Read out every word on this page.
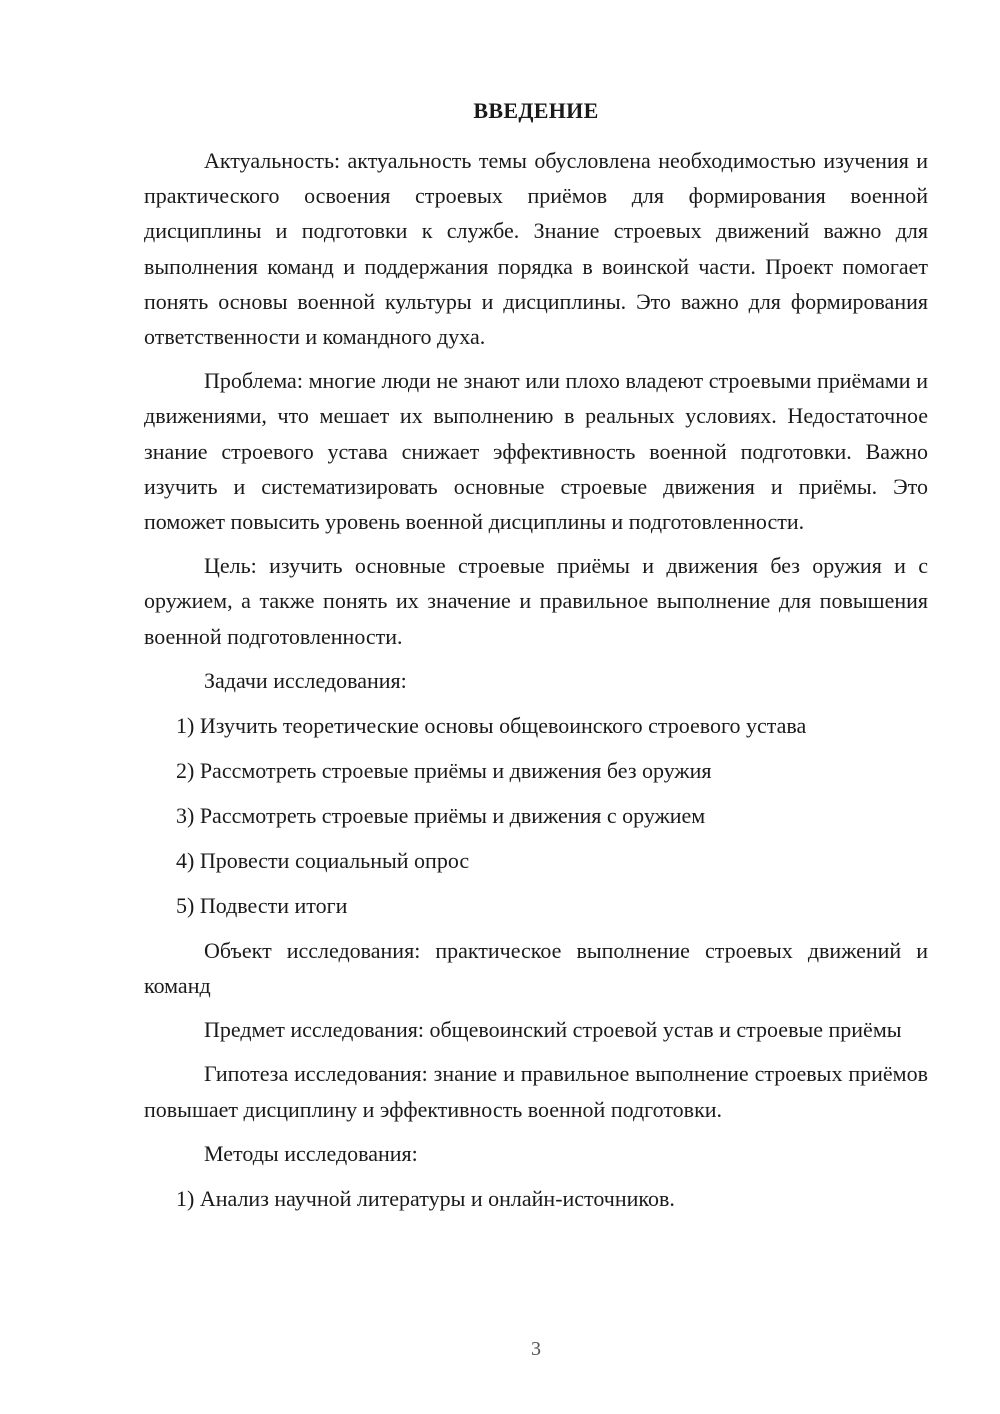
ВВЕДЕНИЕ

Актуальность: актуальность темы обусловлена необходимостью изучения и практического освоения строевых приёмов для формирования военной дисциплины и подготовки к службе. Знание строевых движений важно для выполнения команд и поддержания порядка в воинской части. Проект помогает понять основы военной культуры и дисциплины. Это важно для формирования ответственности и командного духа.

Проблема: многие люди не знают или плохо владеют строевыми приёмами и движениями, что мешает их выполнению в реальных условиях. Недостаточное знание строевого устава снижает эффективность военной подготовки. Важно изучить и систематизировать основные строевые движения и приёмы. Это поможет повысить уровень военной дисциплины и подготовленности.

Цель: изучить основные строевые приёмы и движения без оружия и с оружием, а также понять их значение и правильное выполнение для повышения военной подготовленности.

Задачи исследования:
1) Изучить теоретические основы общевоинского строевого устава
2) Рассмотреть строевые приёмы и движения без оружия
3) Рассмотреть строевые приёмы и движения с оружием
4) Провести социальный опрос
5) Подвести итоги

Объект исследования: практическое выполнение строевых движений и команд

Предмет исследования: общевоинский строевой устав и строевые приёмы

Гипотеза исследования: знание и правильное выполнение строевых приёмов повышает дисциплину и эффективность военной подготовки.

Методы исследования:
1) Анализ научной литературы и онлайн-источников.
3
